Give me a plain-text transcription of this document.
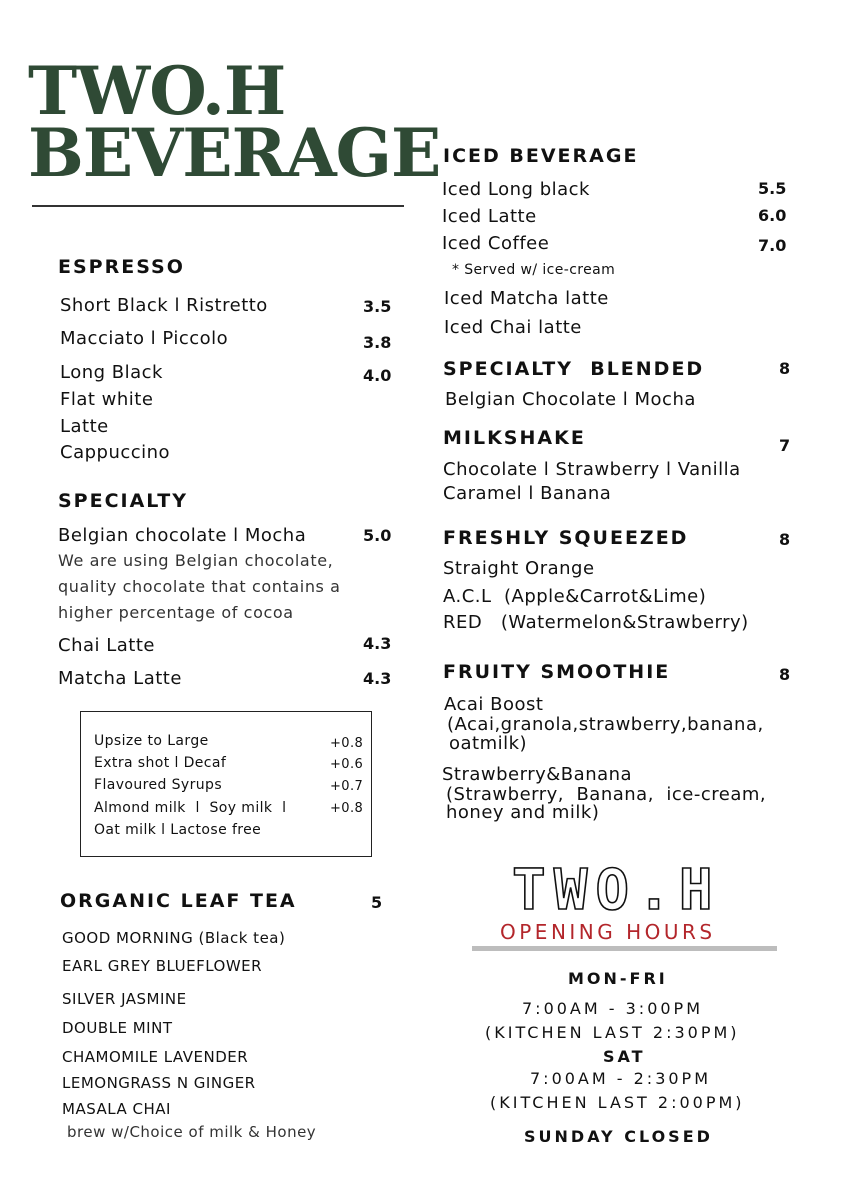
TWO.H
BEVERAGE
ESPRESSO
Short Black l Ristretto	3.5
Macciato l Piccolo	3.8
Long Black	4.0
Flat white
Latte
Cappuccino
SPECIALTY
Belgian chocolate l Mocha	5.0
We are using Belgian chocolate, quality chocolate that contains a higher percentage of cocoa
Chai Latte	4.3
Matcha Latte	4.3
Upsize to Large	+0.8
Extra shot l Decaf	+0.6
Flavoured Syrups	+0.7
Almond milk  l  Soy milk  l	+0.8
Oat milk l Lactose free
ORGANIC LEAF TEA	5
GOOD MORNING (Black tea)
EARL GREY BLUEFLOWER
SILVER JASMINE
DOUBLE MINT
CHAMOMILE LAVENDER
LEMONGRASS N GINGER
MASALA CHAI
brew w/Choice of milk & Honey
ICED BEVERAGE
Iced Long black	5.5
Iced Latte	6.0
Iced Coffee	7.0
* Served w/ ice-cream
Iced Matcha latte
Iced Chai latte
SPECIALTY  BLENDED	8
Belgian Chocolate l Mocha
MILKSHAKE	7
Chocolate l Strawberry l Vanilla
Caramel l Banana
FRESHLY SQUEEZED	8
Straight Orange
A.C.L  (Apple&Carrot&Lime)
RED   (Watermelon&Strawberry)
FRUITY SMOOTHIE	8
Acai Boost
(Acai,granola,strawberry,banana,
oatmilk)
Strawberry&Banana
(Strawberry,  Banana,  ice-cream,
honey and milk)
TWO.H
OPENING HOURS
MON-FRI
7:00AM - 3:00PM
(KITCHEN LAST 2:30PM)
SAT
7:00AM - 2:30PM
(KITCHEN LAST 2:00PM)
SUNDAY CLOSED
